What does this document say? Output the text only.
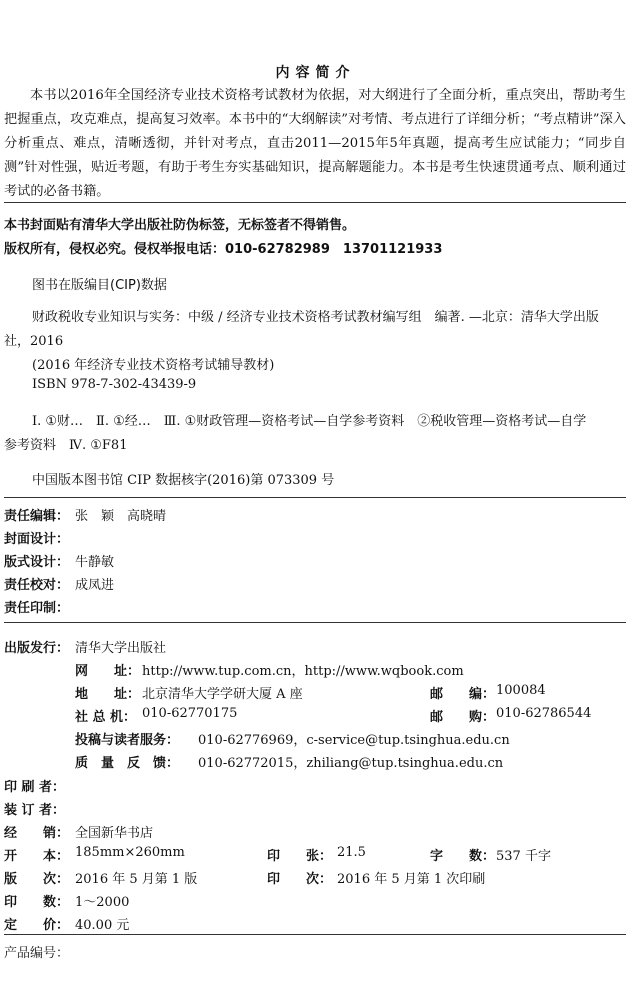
内容简介
本书以2016年全国经济专业技术资格考试教材为依据，对大纲进行了全面分析，重点突出，帮助考生把握重点，攻克难点，提高复习效率。本书中的“大纲解读”对考情、考点进行了详细分析；“考点精讲”深入分析重点、难点，清晰透彻，并针对考点，直击2011—2015年5年真题，提高考生应试能力；“同步自测”针对性强，贴近考题，有助于考生夯实基础知识，提高解题能力。本书是考生快速贯通考点、顺利通过考试的必备书籍。
本书封面贴有清华大学出版社防伪标签，无标签者不得销售。
版权所有，侵权必究。侵权举报电话：010-62782989　13701121933
图书在版编目(CIP)数据
财政税收专业知识与实务：中级 / 经济专业技术资格考试教材编写组　编著. —北京：清华大学出版
社，2016
(2016 年经济专业技术资格考试辅导教材)
ISBN 978-7-302-43439-9
Ⅰ. ①财…　Ⅱ. ①经…　Ⅲ. ①财政管理—资格考试—自学参考资料　②税收管理—资格考试—自学
参考资料　Ⅳ. ①F81
中国版本图书馆 CIP 数据核字(2016)第 073309 号
责任编辑： 张　颖　高晓晴
封面设计：
版式设计： 牛静敏
责任校对： 成凤进
责任印制：
出版发行： 清华大学出版社
网　　址： http://www.tup.com.cn，http://www.wqbook.com
地　　址： 北京清华大学学研大厦 A 座	邮　　编： 100084
社 总 机： 010-62770175	邮　　购： 010-62786544
投稿与读者服务： 010-62776969，c-service@tup.tsinghua.edu.cn
质　量　反　馈： 010-62772015，zhiliang@tup.tsinghua.edu.cn
印 刷 者：
装 订 者：
经　　销： 全国新华书店
开　　本： 185mm×260mm	印　　张： 21.5	字　　数： 537 千字
版　　次： 2016 年 5 月第 1 版	印　　次： 2016 年 5 月第 1 次印刷
印　　数： 1～2000
定　　价： 40.00 元
产品编号：
